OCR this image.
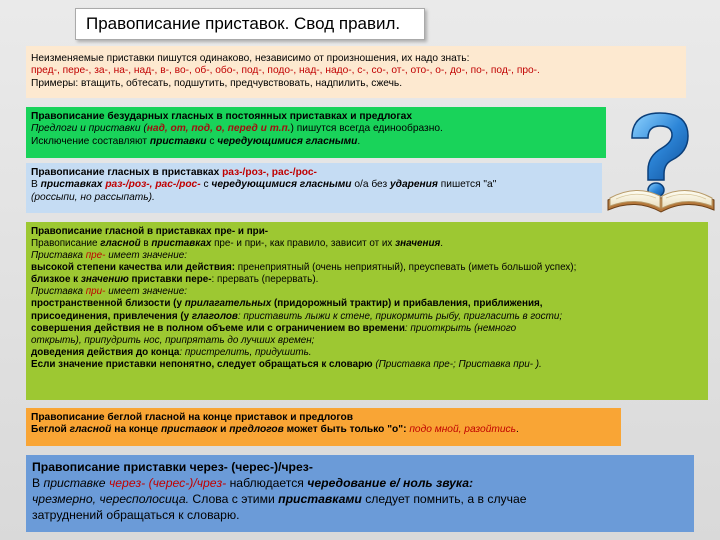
Правописание приставок. Свод правил.
Неизменяемые приставки пишутся одинаково, независимо от произношения, их надо знать:
пред-, пере-, за-, на-, над-, в-, во-, об-, обо-, под-, подо-, над-, надо-, с-, со-, от-, ото-, о-, до-, по-, под-, про-.
Примеры: втащить, обтесать, подшутить, предчувствовать, надпилить, сжечь.
Правописание безударных гласных в постоянных приставках и предлогах
Предлоги и приставки (над, от, под, о, перед и т.п.) пишутся всегда единообразно.
Исключение составляют приставки с чередующимися гласными.
Правописание гласных в приставках раз-/роз-, рас-/рос-
В приставках раз-/роз-, рас-/рос- с чередующимися гласными о/а без ударения пишется "а"
(россыпи, но рассыпать).
Правописание гласной в приставках пре- и при-
Правописание гласной в приставках пре- и при-, как правило, зависит от их значения.
Приставка пре- имеет значение:
высокой степени качества или действия: пренеприятный (очень неприятный), преуспевать (иметь большой успех);
близкое к значению приставки пере-: прервать (перервать).
Приставка при- имеет значение:
пространственной близости (у прилагательных (придорожный трактир) и прибавления, приближения,
присоединения, привлечения (у глаголов: приставить лыжи к стене, прикормить рыбу, пригласить в гости;
совершения действия не в полном объеме или с ограничением во времени: приоткрыть (немного
открыть), припудрить нос, припрятать до лучших времен;
доведения действия до конца: пристрелить, придушить.
Если значение приставки непонятно, следует обращаться к словарю (Приставка пре-; Приставка при- ).
Правописание беглой гласной на конце приставок и предлогов
Беглой гласной на конце приставок и предлогов может быть только "о": подо мной, разойтись.
Правописание приставки через- (черес-)/чрез-
В приставке через- (черес-)/чрез- наблюдается чередование е/ ноль звука:
чрезмерно, чересполосица. Слова с этими приставками следует помнить, а в случае
затруднений обращаться к словарю.
